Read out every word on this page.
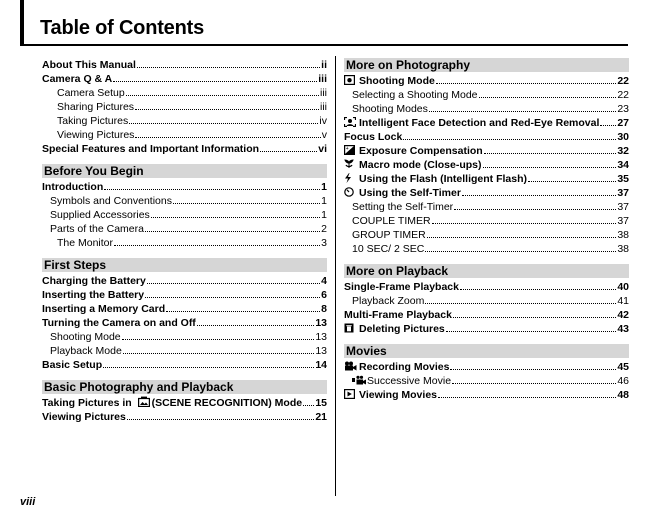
Table of Contents
About This Manual	ii
Camera Q & A	iii
Camera Setup	iii
Sharing Pictures	iii
Taking Pictures	iv
Viewing Pictures	v
Special Features and Important Information	vi
Before You Begin
Introduction	1
Symbols and Conventions	1
Supplied Accessories	1
Parts of the Camera	2
The Monitor	3
First Steps
Charging the Battery	4
Inserting the Battery	6
Inserting a Memory Card	8
Turning the Camera on and Off	13
Shooting Mode	13
Playback Mode	13
Basic Setup	14
Basic Photography and Playback
Taking Pictures in (SCENE RECOGNITION) Mode 15
Viewing Pictures	21
More on Photography
Shooting Mode	22
Selecting a Shooting Mode	22
Shooting Modes	23
Intelligent Face Detection and Red-Eye Removal 27
Focus Lock	30
+ Exposure Compensation	32
Macro mode (Close-ups)	34
Using the Flash (Intelligent Flash)	35
Using the Self-Timer	37
Setting the Self-Timer	37
COUPLE TIMER	37
GROUP TIMER	38
10 SEC/ 2 SEC	38
More on Playback
Single-Frame Playback	40
Playback Zoom	41
Multi-Frame Playback	42
Deleting Pictures	43
Movies
Recording Movies	45
Successive Movie	46
Viewing Movies	48
viii
